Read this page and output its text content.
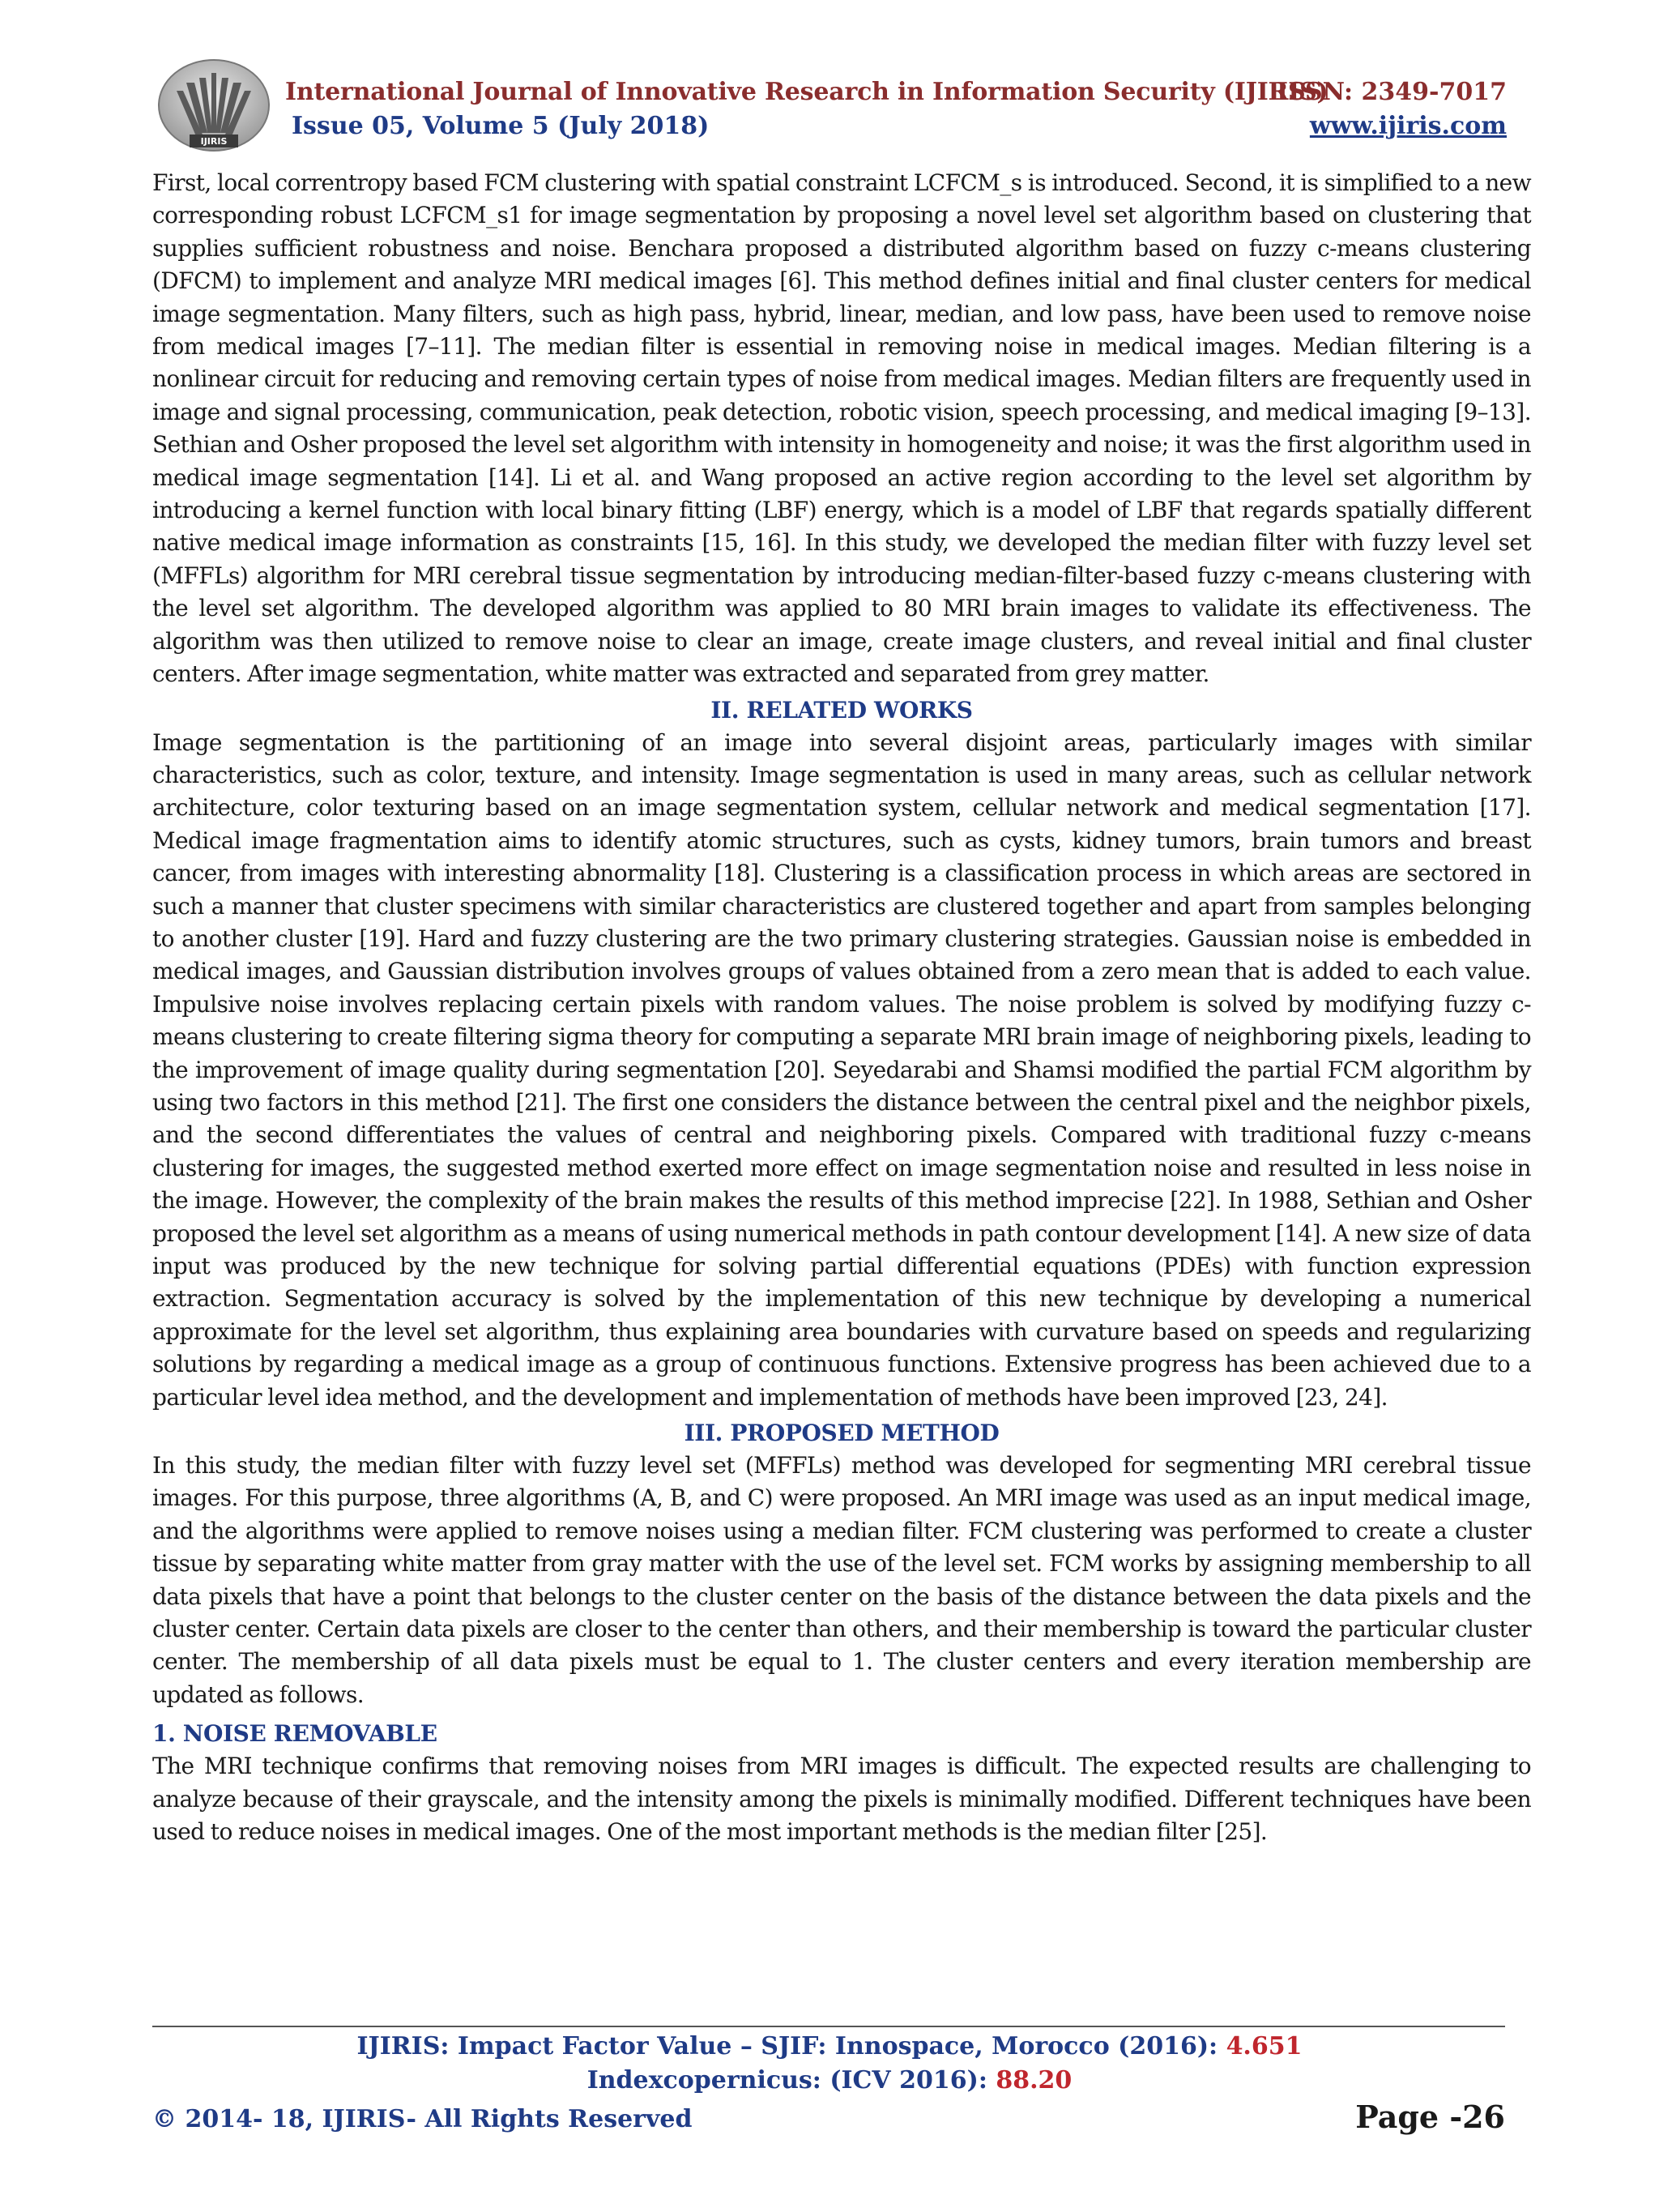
IJIRIS
International Journal of Innovative Research in Information Security (IJIRIS)
ISSN: 2349-7017
Issue 05, Volume 5 (July 2018)	www.ijiris.com

First, local correntropy based FCM clustering with spatial constraint LCFCM_s is introduced. Second, it is simplified to a new corresponding robust LCFCM_s1 for image segmentation by proposing a novel level set algorithm based on clustering that supplies sufficient robustness and noise. Benchara proposed a distributed algorithm based on fuzzy c-means clustering (DFCM) to implement and analyze MRI medical images [6]. This method defines initial and final cluster centers for medical image segmentation. Many filters, such as high pass, hybrid, linear, median, and low pass, have been used to remove noise from medical images [7–11]. The median filter is essential in removing noise in medical images. Median filtering is a nonlinear circuit for reducing and removing certain types of noise from medical images. Median filters are frequently used in image and signal processing, communication, peak detection, robotic vision, speech processing, and medical imaging [9–13]. Sethian and Osher proposed the level set algorithm with intensity in homogeneity and noise; it was the first algorithm used in medical image segmentation [14]. Li et al. and Wang proposed an active region according to the level set algorithm by introducing a kernel function with local binary fitting (LBF) energy, which is a model of LBF that regards spatially different native medical image information as constraints [15, 16]. In this study, we developed the median filter with fuzzy level set (MFFLs) algorithm for MRI cerebral tissue segmentation by introducing median-filter-based fuzzy c-means clustering with the level set algorithm. The developed algorithm was applied to 80 MRI brain images to validate its effectiveness. The algorithm was then utilized to remove noise to clear an image, create image clusters, and reveal initial and final cluster centers. After image segmentation, white matter was extracted and separated from grey matter.

II. RELATED WORKS

Image segmentation is the partitioning of an image into several disjoint areas, particularly images with similar characteristics, such as color, texture, and intensity. Image segmentation is used in many areas, such as cellular network architecture, color texturing based on an image segmentation system, cellular network and medical segmentation [17]. Medical image fragmentation aims to identify atomic structures, such as cysts, kidney tumors, brain tumors and breast cancer, from images with interesting abnormality [18]. Clustering is a classification process in which areas are sectored in such a manner that cluster specimens with similar characteristics are clustered together and apart from samples belonging to another cluster [19]. Hard and fuzzy clustering are the two primary clustering strategies. Gaussian noise is embedded in medical images, and Gaussian distribution involves groups of values obtained from a zero mean that is added to each value. Impulsive noise involves replacing certain pixels with random values. The noise problem is solved by modifying fuzzy c-means clustering to create filtering sigma theory for computing a separate MRI brain image of neighboring pixels, leading to the improvement of image quality during segmentation [20]. Seyedarabi and Shamsi modified the partial FCM algorithm by using two factors in this method [21]. The first one considers the distance between the central pixel and the neighbor pixels, and the second differentiates the values of central and neighboring pixels. Compared with traditional fuzzy c-means clustering for images, the suggested method exerted more effect on image segmentation noise and resulted in less noise in the image. However, the complexity of the brain makes the results of this method imprecise [22]. In 1988, Sethian and Osher proposed the level set algorithm as a means of using numerical methods in path contour development [14]. A new size of data input was produced by the new technique for solving partial differential equations (PDEs) with function expression extraction. Segmentation accuracy is solved by the implementation of this new technique by developing a numerical approximate for the level set algorithm, thus explaining area boundaries with curvature based on speeds and regularizing solutions by regarding a medical image as a group of continuous functions. Extensive progress has been achieved due to a particular level idea method, and the development and implementation of methods have been improved [23, 24].

III. PROPOSED METHOD

In this study, the median filter with fuzzy level set (MFFLs) method was developed for segmenting MRI cerebral tissue images. For this purpose, three algorithms (A, B, and C) were proposed. An MRI image was used as an input medical image, and the algorithms were applied to remove noises using a median filter. FCM clustering was performed to create a cluster tissue by separating white matter from gray matter with the use of the level set. FCM works by assigning membership to all data pixels that have a point that belongs to the cluster center on the basis of the distance between the data pixels and the cluster center. Certain data pixels are closer to the center than others, and their membership is toward the particular cluster center. The membership of all data pixels must be equal to 1. The cluster centers and every iteration membership are updated as follows.

1. NOISE REMOVABLE

The MRI technique confirms that removing noises from MRI images is difficult. The expected results are challenging to analyze because of their grayscale, and the intensity among the pixels is minimally modified. Different techniques have been used to reduce noises in medical images. One of the most important methods is the median filter [25].

IJIRIS: Impact Factor Value – SJIF: Innospace, Morocco (2016): 4.651
Indexcopernicus: (ICV 2016): 88.20
© 2014- 18, IJIRIS- All Rights Reserved	Page -26
